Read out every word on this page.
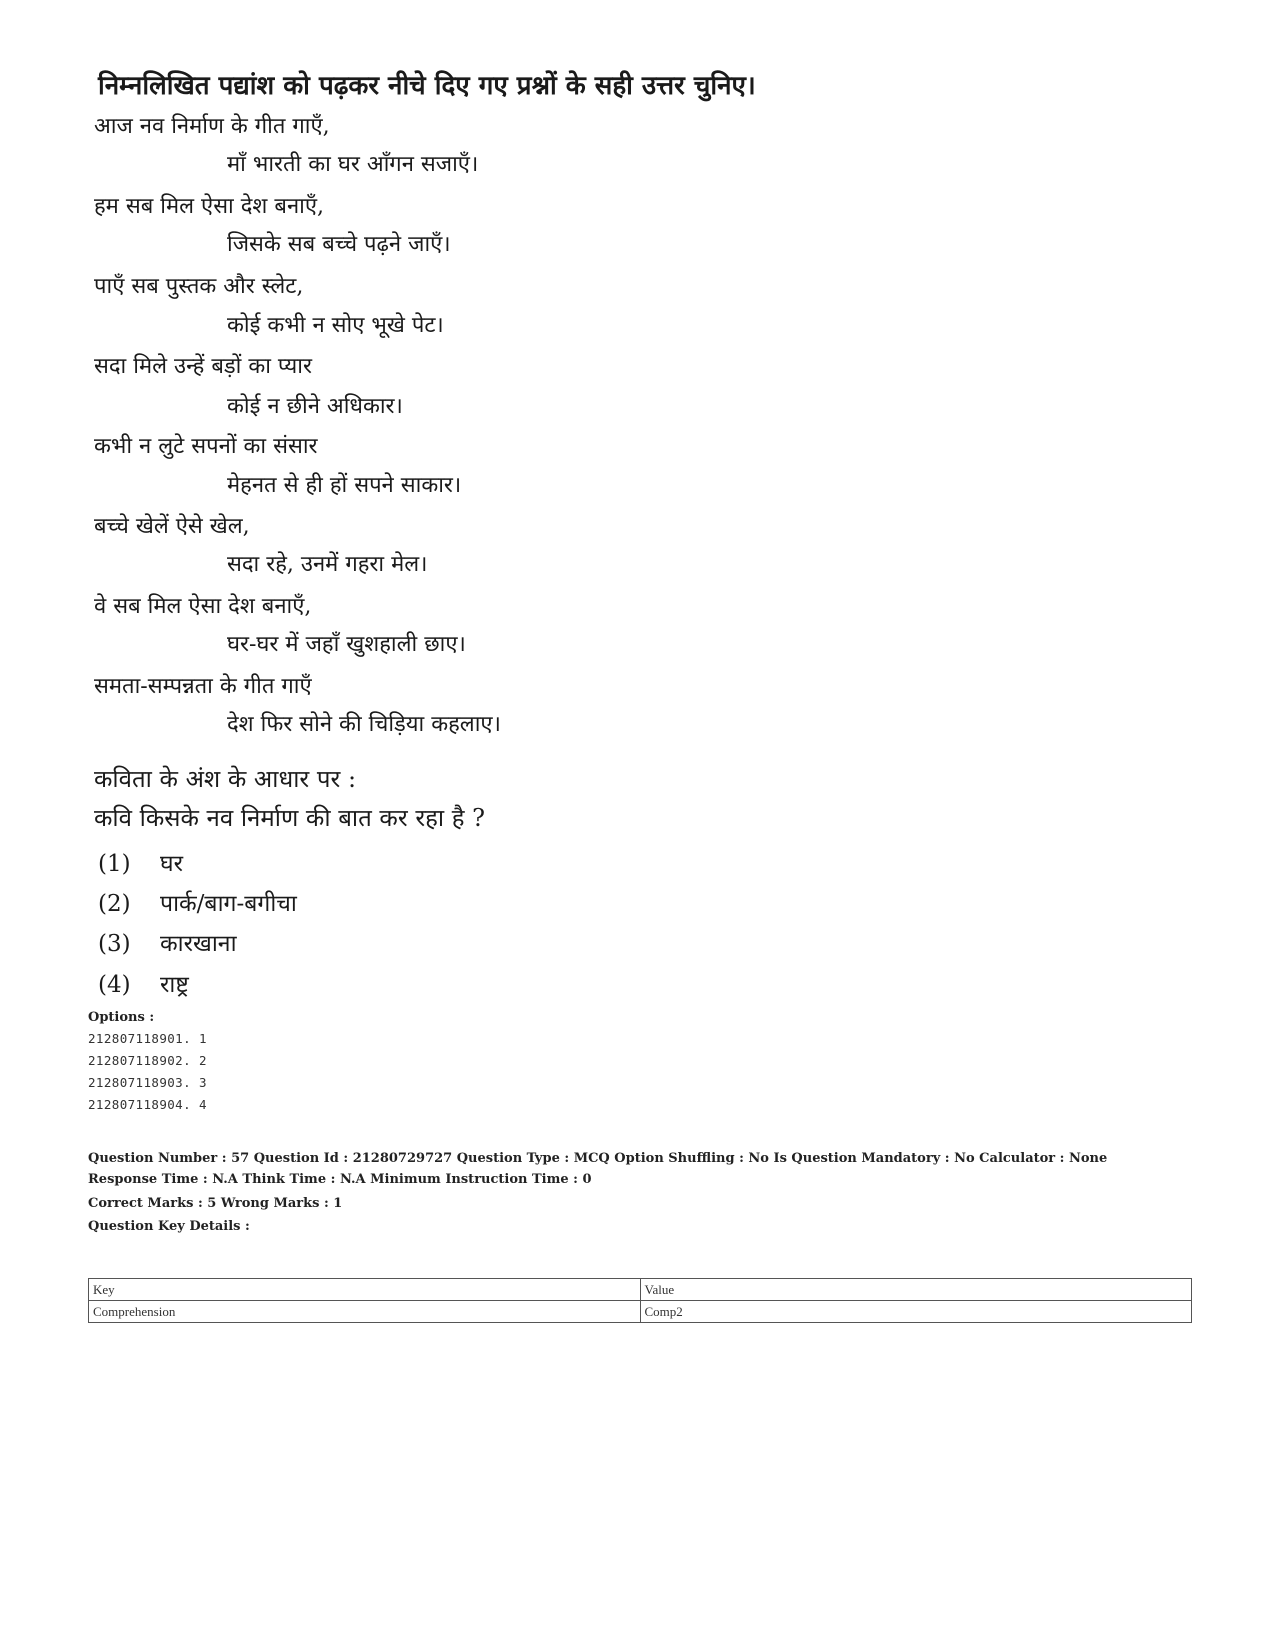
निम्नलिखित पद्यांश को पढ़कर नीचे दिए गए प्रश्नों के सही उत्तर चुनिए।
आज नव निर्माण के गीत गाएँ,
माँ भारती का घर आँगन सजाएँ।
हम सब मिल ऐसा देश बनाएँ,
जिसके सब बच्चे पढ़ने जाएँ।
पाएँ सब पुस्तक और स्लेट,
कोई कभी न सोए भूखे पेट।
सदा मिले उन्हें बड़ों का प्यार
कोई न छीने अधिकार।
कभी न लुटे सपनों का संसार
मेहनत से ही हों सपने साकार।
बच्चे खेलें ऐसे खेल,
सदा रहे, उनमें गहरा मेल।
वे सब मिल ऐसा देश बनाएँ,
घर-घर में जहाँ खुशहाली छाए।
समता-सम्पन्नता के गीत गाएँ
देश फिर सोने की चिड़िया कहलाए।
कविता के अंश के आधार पर :
कवि किसके नव निर्माण की बात कर रहा है ?
(1) घर
(2) पार्क/बाग-बगीचा
(3) कारखाना
(4) राष्ट्र
Options :
212807118901. 1
212807118902. 2
212807118903. 3
212807118904. 4
Question Number : 57 Question Id : 21280729727 Question Type : MCQ Option Shuffling : No Is Question Mandatory : No Calculator : None
Response Time : N.A Think Time : N.A Minimum Instruction Time : 0
Correct Marks : 5 Wrong Marks : 1
Question Key Details :
Key	Value
Comprehension	Comp2
